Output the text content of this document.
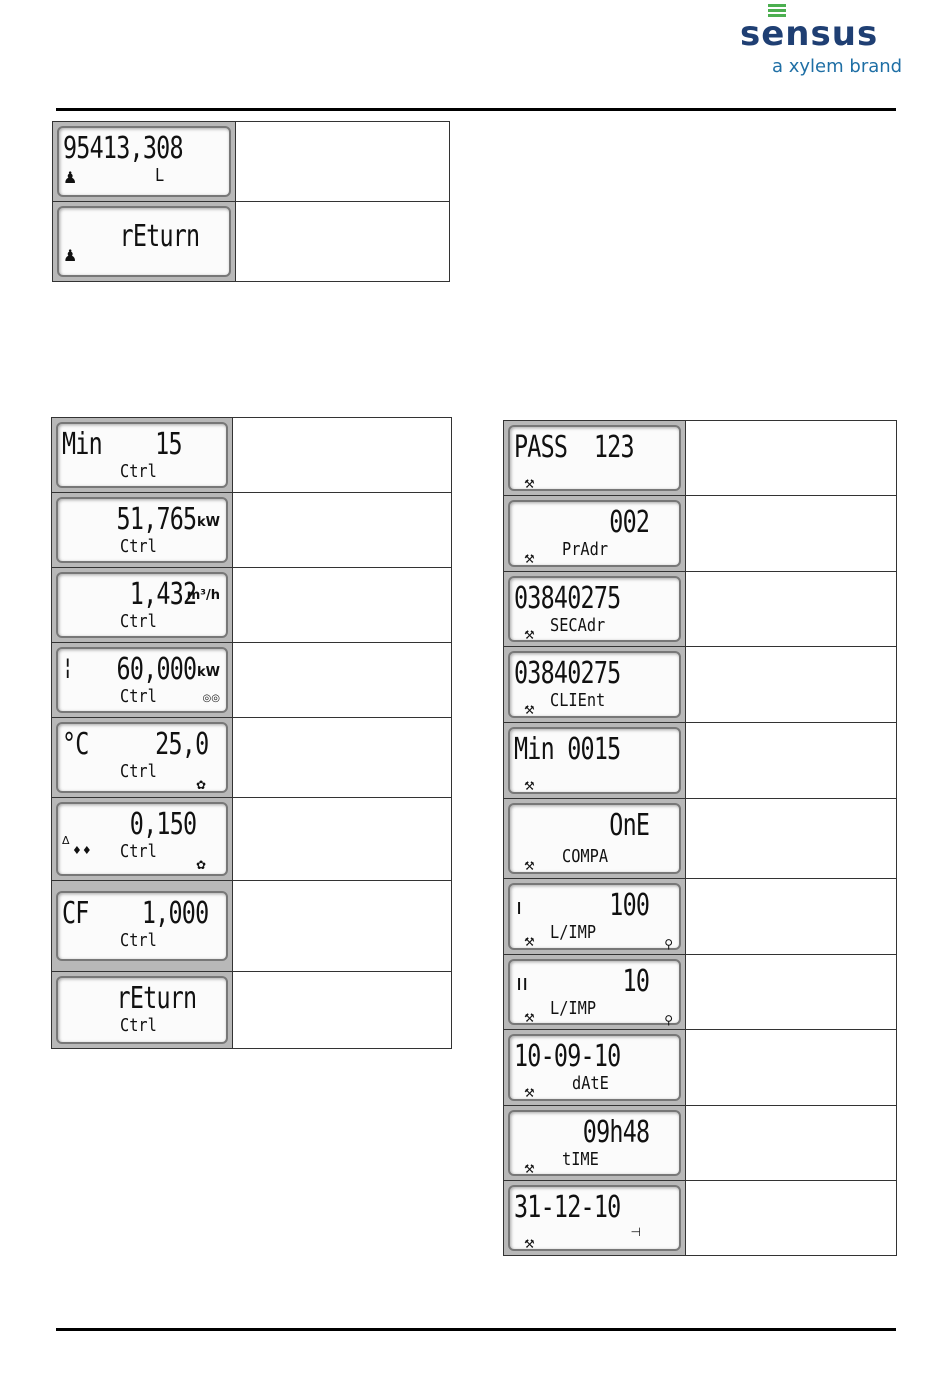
sensus
a xylem brand
95413,308
♟	L
rEturn
♟
Min    15
Ctrl
51,765 kW
Ctrl
1,432
m³/h
Ctrl
¦ 60,000 kW
◎◎
Ctrl
°C     25,0
Ctrl
✿
Δ
♦♦
0,150
Ctrl
✿
CF    1,000
Ctrl
rEturn
Ctrl
PASS  123
⚒
002
⚒ PrAdr
03840275
⚒ SECAdr
03840275
⚒ CLIEnt
Min 0015
⚒
OnE
⚒ COMPA
ı	100
⚒ L/IMP
⚲
ıı	10
⚒ L/IMP
⚲
10-09-10
⚒ dAtE
09h48
⚒ tIME
31-12-10
⚒
⊣
